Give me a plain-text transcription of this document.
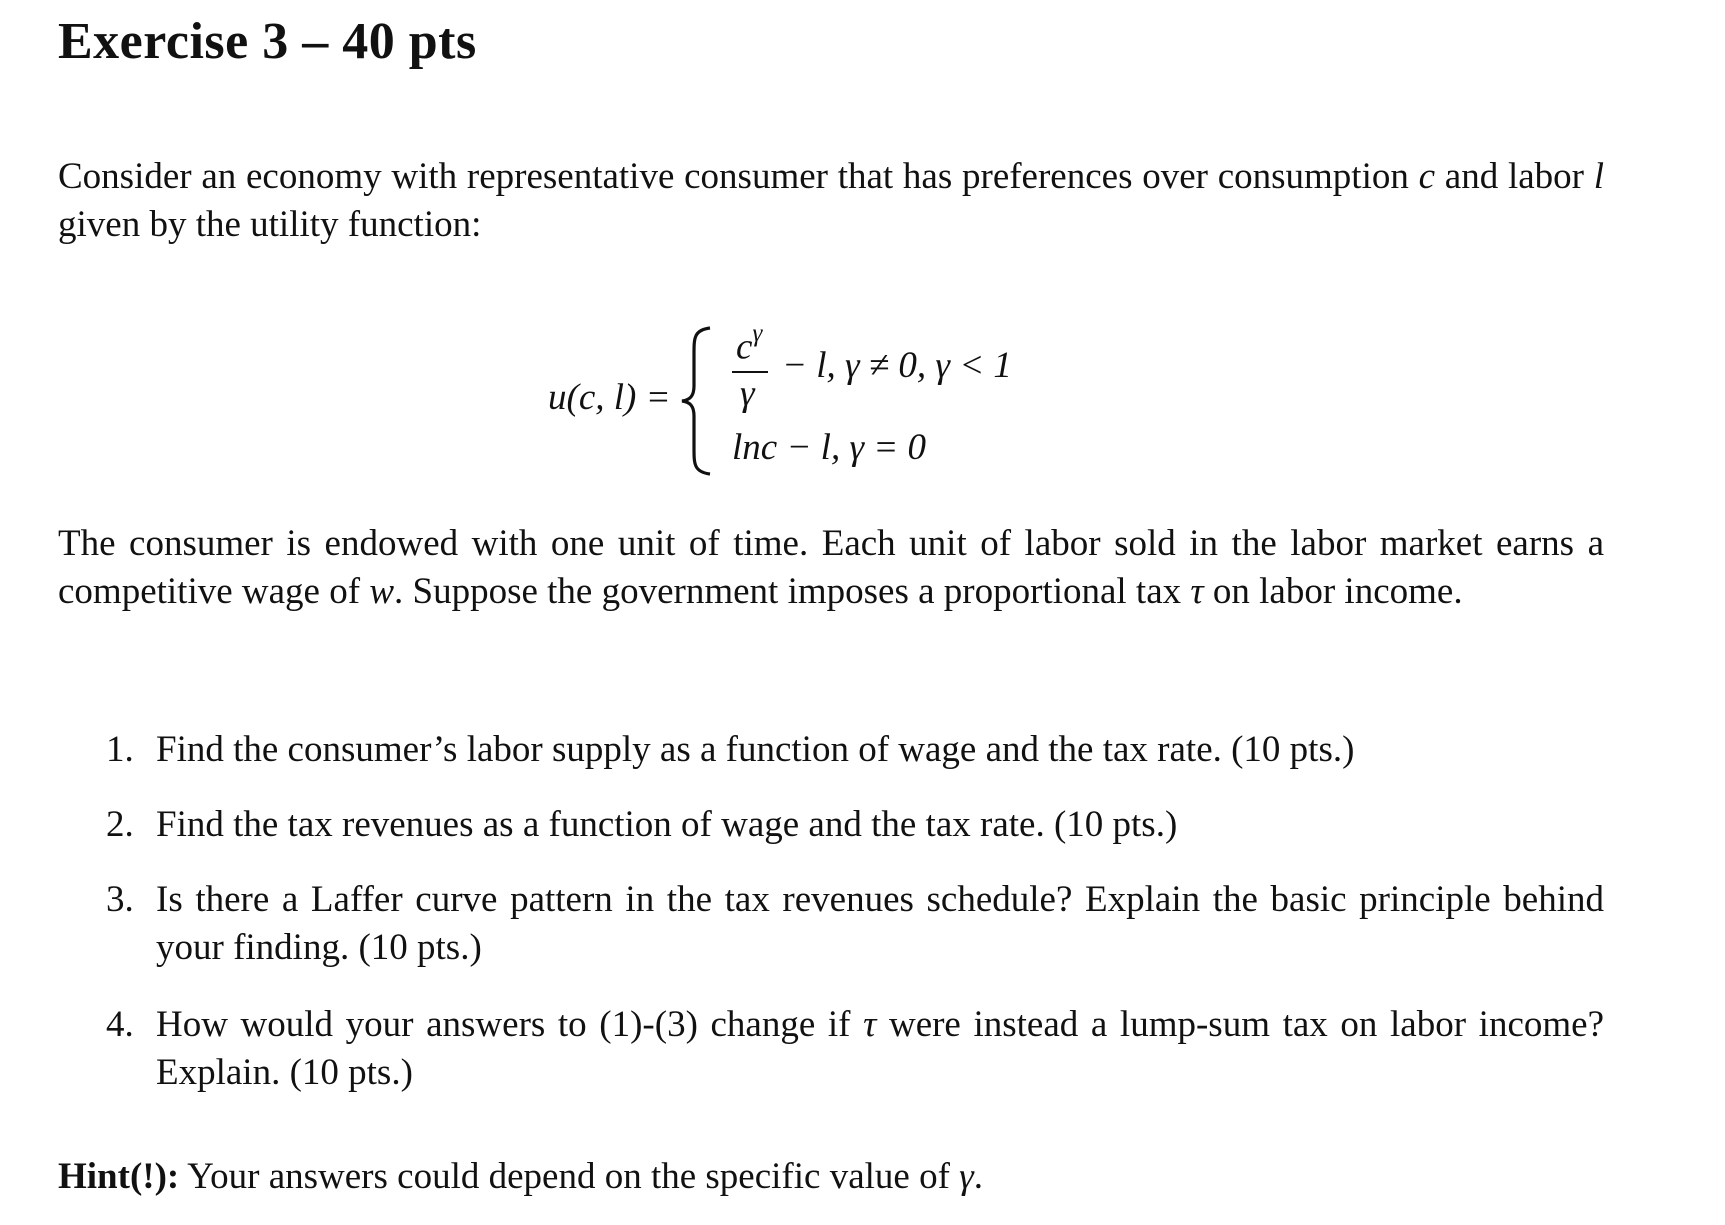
Exercise 3 – 40 pts

Consider an economy with representative consumer that has preferences over consumption c and labor l given by the utility function:

u(c, l) =
$c^\gamma$
γ
− l, γ ≠ 0, γ < 1
lnc − l, γ = 0

The consumer is endowed with one unit of time. Each unit of labor sold in the labor market earns a competitive wage of w. Suppose the government imposes a proportional tax τ on labor income.

1. Find the consumer’s labor supply as a function of wage and the tax rate. (10 pts.)
2. Find the tax revenues as a function of wage and the tax rate. (10 pts.)
3. Is there a Laffer curve pattern in the tax revenues schedule? Explain the basic principle behind your finding. (10 pts.)
4. How would your answers to (1)-(3) change if τ were instead a lump-sum tax on labor income? Explain. (10 pts.)
Hint(!): Your answers could depend on the specific value of γ.
